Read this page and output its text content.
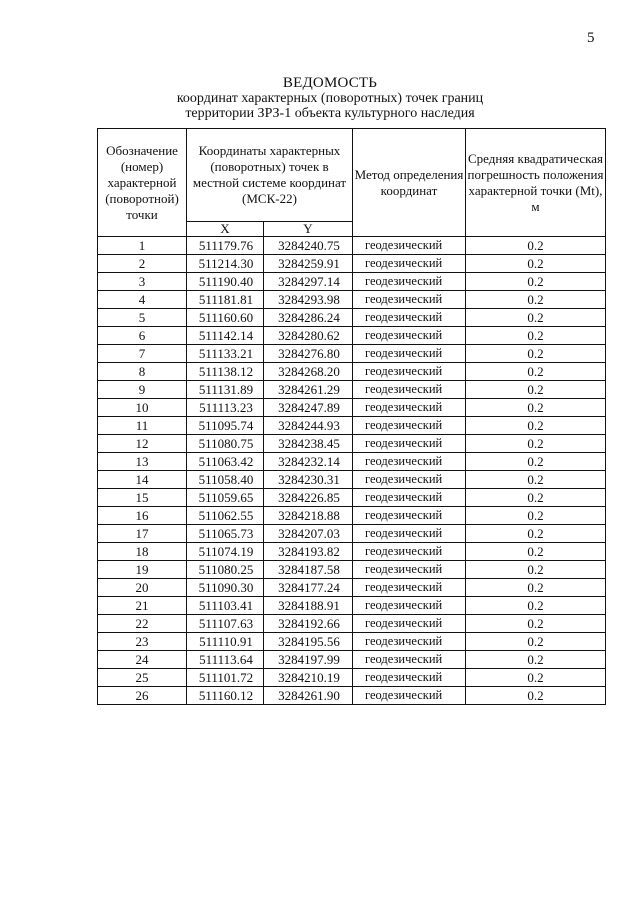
5
ВЕДОМОСТЬ
координат характерных (поворотных) точек границ
территории ЗРЗ-1 объекта культурного наследия
Обозначение (номер) характерной (поворотной) точки	Координаты характерных (поворотных) точек в местной системе координат (МСК-22)		Метод определения координат	Средняя квадратическая погрешность положения характерной точки (Mt), м
	X	Y		
1	511179.76	3284240.75	геодезический	0.2
2	511214.30	3284259.91	геодезический	0.2
3	511190.40	3284297.14	геодезический	0.2
4	511181.81	3284293.98	геодезический	0.2
5	511160.60	3284286.24	геодезический	0.2
6	511142.14	3284280.62	геодезический	0.2
7	511133.21	3284276.80	геодезический	0.2
8	511138.12	3284268.20	геодезический	0.2
9	511131.89	3284261.29	геодезический	0.2
10	511113.23	3284247.89	геодезический	0.2
11	511095.74	3284244.93	геодезический	0.2
12	511080.75	3284238.45	геодезический	0.2
13	511063.42	3284232.14	геодезический	0.2
14	511058.40	3284230.31	геодезический	0.2
15	511059.65	3284226.85	геодезический	0.2
16	511062.55	3284218.88	геодезический	0.2
17	511065.73	3284207.03	геодезический	0.2
18	511074.19	3284193.82	геодезический	0.2
19	511080.25	3284187.58	геодезический	0.2
20	511090.30	3284177.24	геодезический	0.2
21	511103.41	3284188.91	геодезический	0.2
22	511107.63	3284192.66	геодезический	0.2
23	511110.91	3284195.56	геодезический	0.2
24	511113.64	3284197.99	геодезический	0.2
25	511101.72	3284210.19	геодезический	0.2
26	511160.12	3284261.90	геодезический	0.2
